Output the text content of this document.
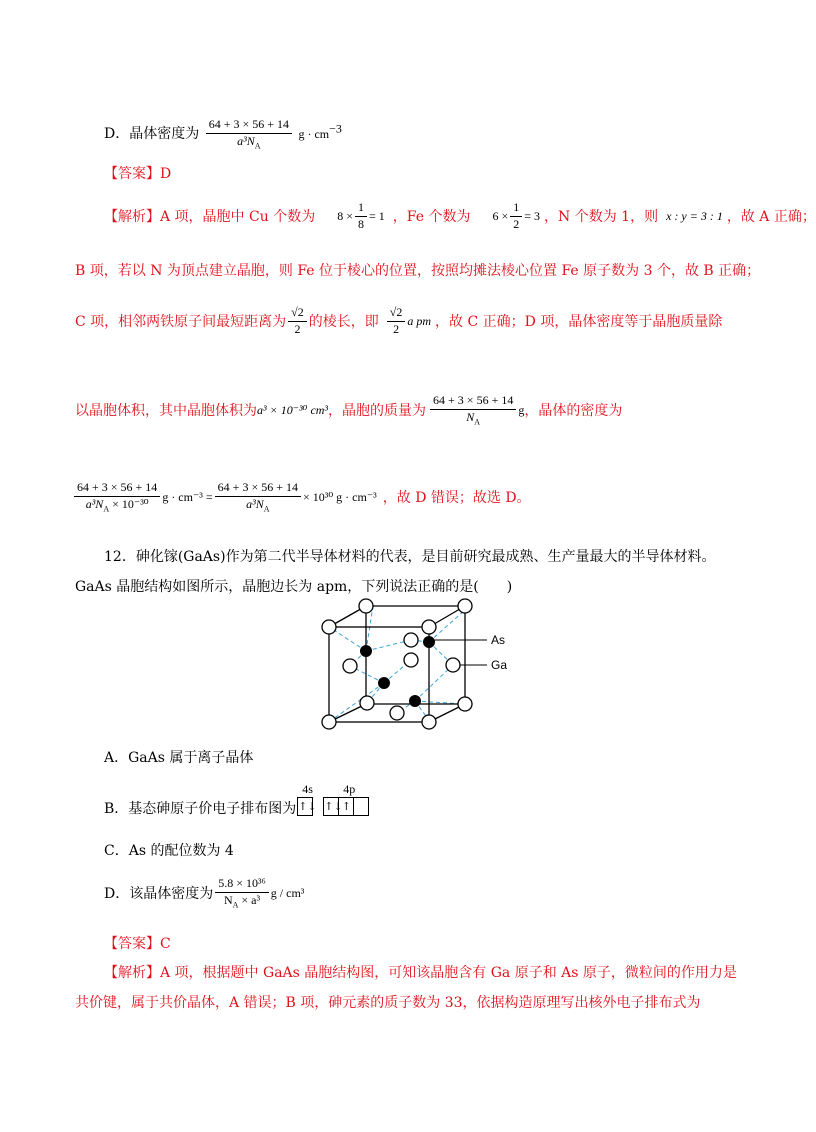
D．晶体密度为 $\frac{64 + 3 \times 56 + 14}{a^3N_A}$ $g \cdot cm^{-3}$
【答案】D
【解析】A 项，晶胞中 Cu 个数为 $8 \times \frac{1}{8} = 1$ ，Fe 个数为 $6 \times \frac{1}{2} = 3$ ，N 个数为 1，则 x : y = 3 : 1 ，故 A 正确；
B 项，若以 N 为顶点建立晶胞，则 Fe 位于棱心的位置，按照均摊法棱心位置 Fe 原子数为 3 个，故 B 正确；
C 项，相邻两铁原子间最短距离为 $\frac{√2}{2}$ 的棱长，即 $\frac{√2}{2}$ a pm ，故 C 正确；D 项，晶体密度等于晶胞质量除
以晶胞体积，其中晶胞体积为 a³ × 10⁻³⁰ cm³ ，晶胞的质量为 $\frac{64 + 3 \times 56 + 14}{N_A}$ g ，晶体的密度为
$\frac{64 + 3 \times 56 + 14}{a^3N_A \times 10^{-30}}$ $g \cdot cm^{-3} = \frac{64 + 3 \times 56 + 14}{a^3N_A} \times 10^{30}$ g · cm⁻³ ，故 D 错误；故选 D。
12．砷化镓(GaAs)作为第二代半导体材料的代表，是目前研究最成熟、生产量最大的半导体材料。
GaAs 晶胞结构如图所示，晶胞边长为 apm，下列说法正确的是(　　)
As
Ga
A．GaAs 属于离子晶体
B．基态砷原子价电子排布图为
4s
↑↓
4p
↑↓
↑
C．As 的配位数为 4
D．该晶体密度为 $\frac{\text{5.8 × 10³⁶}}{N_A \times a^3}$ g / cm³
【答案】C
【解析】A 项，根据题中 GaAs 晶胞结构图，可知该晶胞含有 Ga 原子和 As 原子，微粒间的作用力是
共价键，属于共价晶体，A 错误；B 项，砷元素的质子数为 33，依据构造原理写出核外电子排布式为
